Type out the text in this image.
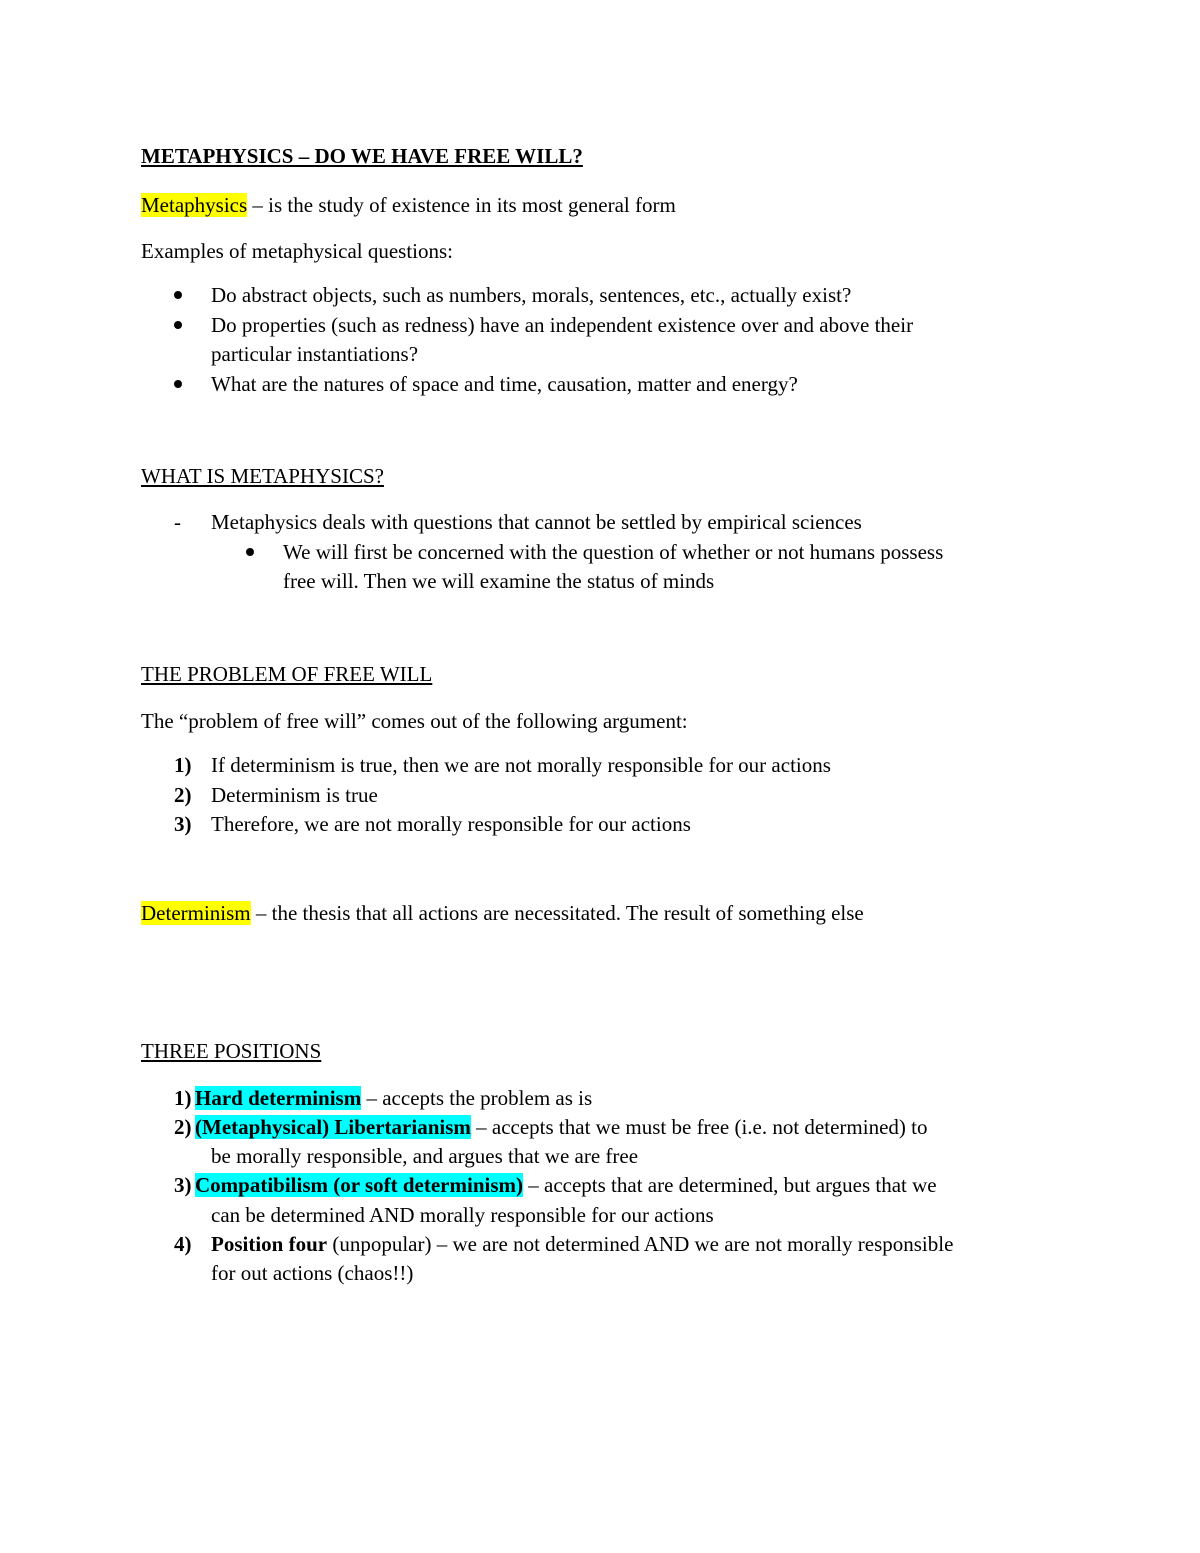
METAPHYSICS – DO WE HAVE FREE WILL?

Metaphysics – is the study of existence in its most general form

Examples of metaphysical questions:

Do abstract objects, such as numbers, morals, sentences, etc., actually exist?
Do properties (such as redness) have an independent existence over and above their
particular instantiations?
What are the natures of space and time, causation, matter and energy?

WHAT IS METAPHYSICS?

- Metaphysics deals with questions that cannot be settled by empirical sciences
We will first be concerned with the question of whether or not humans possess
free will. Then we will examine the status of minds

THE PROBLEM OF FREE WILL

The “problem of free will” comes out of the following argument:

1) If determinism is true, then we are not morally responsible for our actions
2) Determinism is true
3) Therefore, we are not morally responsible for our actions

Determinism – the thesis that all actions are necessitated. The result of something else

THREE POSITIONS

1) Hard determinism – accepts the problem as is
2) (Metaphysical) Libertarianism – accepts that we must be free (i.e. not determined) to
be morally responsible, and argues that we are free
3) Compatibilism (or soft determinism) – accepts that are determined, but argues that we
can be determined AND morally responsible for our actions
4) Position four (unpopular) – we are not determined AND we are not morally responsible
for out actions (chaos!!)
